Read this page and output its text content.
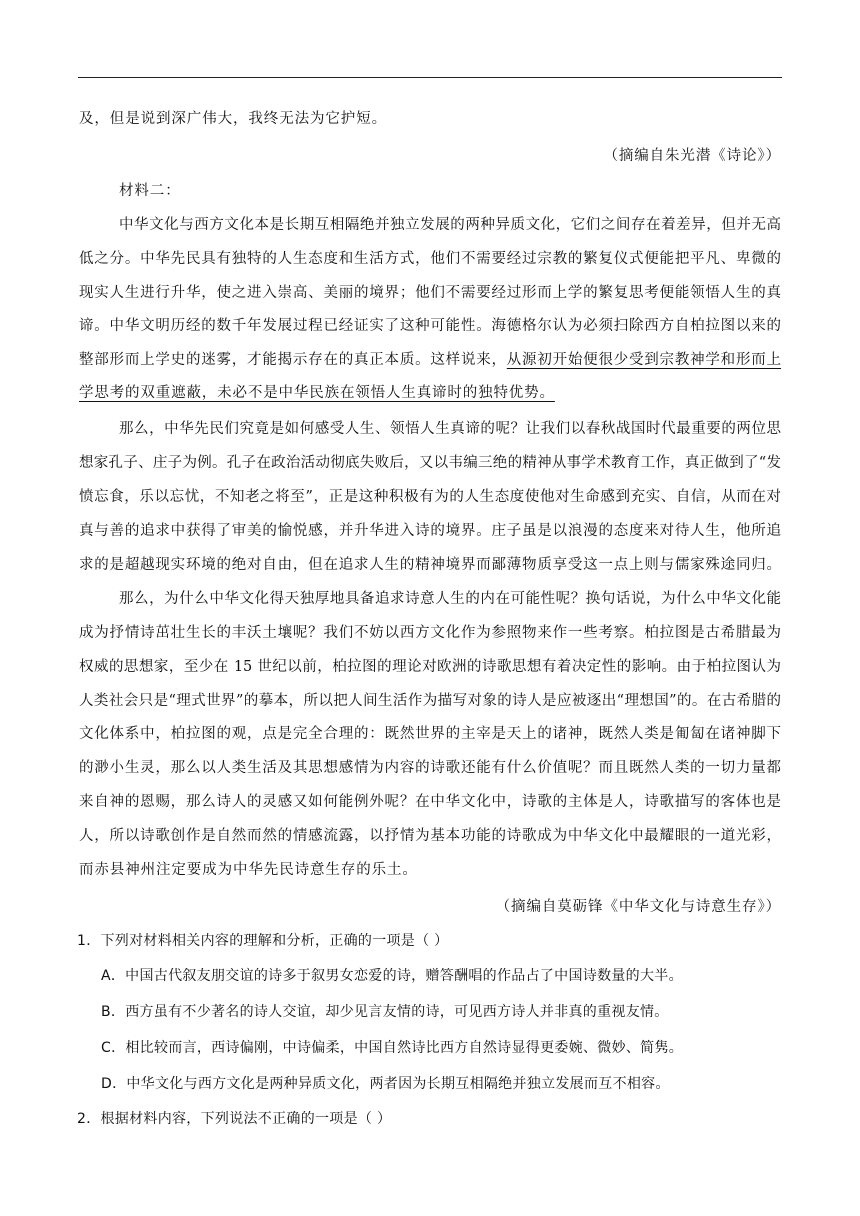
及，但是说到深广伟大，我终无法为它护短。
（摘编自朱光潜《诗论》）
材料二：
中华文化与西方文化本是长期互相隔绝并独立发展的两种异质文化，它们之间存在着差异，但并无高
低之分。中华先民具有独特的人生态度和生活方式，他们不需要经过宗教的繁复仪式便能把平凡、卑微的
现实人生进行升华，使之进入崇高、美丽的境界；他们不需要经过形而上学的繁复思考便能领悟人生的真
谛。中华文明历经的数千年发展过程已经证实了这种可能性。海德格尔认为必须扫除西方自柏拉图以来的
整部形而上学史的迷雾，才能揭示存在的真正本质。这样说来，从源初开始便很少受到宗教神学和形而上
学思考的双重遮蔽，未必不是中华民族在领悟人生真谛时的独特优势。
那么，中华先民们究竟是如何感受人生、领悟人生真谛的呢？让我们以春秋战国时代最重要的两位思
想家孔子、庄子为例。孔子在政治活动彻底失败后，又以韦编三绝的精神从事学术教育工作，真正做到了“发
愤忘食，乐以忘忧，不知老之将至”，正是这种积极有为的人生态度使他对生命感到充实、自信，从而在对
真与善的追求中获得了审美的愉悦感，并升华进入诗的境界。庄子虽是以浪漫的态度来对待人生，他所追
求的是超越现实环境的绝对自由，但在追求人生的精神境界而鄙薄物质享受这一点上则与儒家殊途同归。
那么，为什么中华文化得天独厚地具备追求诗意人生的内在可能性呢？换句话说，为什么中华文化能
成为抒情诗茁壮生长的丰沃土壤呢？我们不妨以西方文化作为参照物来作一些考察。柏拉图是古希腊最为
权威的思想家，至少在 15 世纪以前，柏拉图的理论对欧洲的诗歌思想有着决定性的影响。由于柏拉图认为
人类社会只是“理式世界”的摹本，所以把人间生活作为描写对象的诗人是应被逐出“理想国”的。在古希腊的
文化体系中，柏拉图的观，点是完全合理的：既然世界的主宰是天上的诸神，既然人类是匍匐在诸神脚下
的渺小生灵，那么以人类生活及其思想感情为内容的诗歌还能有什么价值呢？而且既然人类的一切力量都
来自神的恩赐，那么诗人的灵感又如何能例外呢？在中华文化中，诗歌的主体是人，诗歌描写的客体也是
人，所以诗歌创作是自然而然的情感流露，以抒情为基本功能的诗歌成为中华文化中最耀眼的一道光彩，
而赤县神州注定要成为中华先民诗意生存的乐土。
（摘编自莫砺锋《中华文化与诗意生存》）
1．下列对材料相关内容的理解和分析，正确的一项是（ ）
A．中国古代叙友朋交谊的诗多于叙男女恋爱的诗，赠答酬唱的作品占了中国诗数量的大半。
B．西方虽有不少著名的诗人交谊，却少见言友情的诗，可见西方诗人并非真的重视友情。
C．相比较而言，西诗偏刚，中诗偏柔，中国自然诗比西方自然诗显得更委婉、微妙、简隽。
D．中华文化与西方文化是两种异质文化，两者因为长期互相隔绝并独立发展而互不相容。
2．根据材料内容，下列说法不正确的一项是（ ）
